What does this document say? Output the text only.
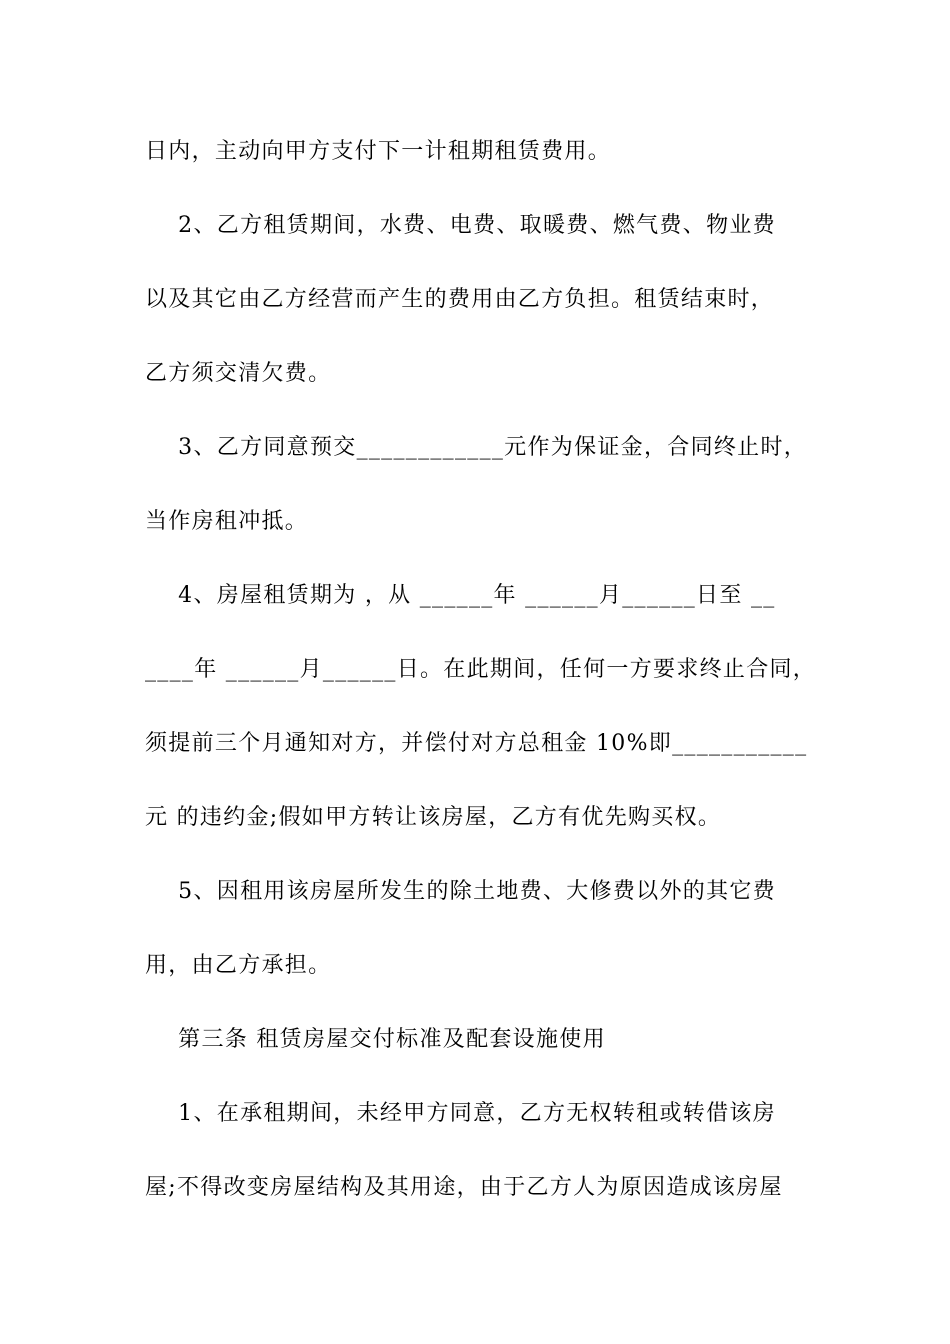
日内，主动向甲方支付下一计租期租赁费用。
2、乙方租赁期间，水费、电费、取暖费、燃气费、物业费
以及其它由乙方经营而产生的费用由乙方负担。租赁结束时，
乙方须交清欠费。
3、乙方同意预交____________元作为保证金，合同终止时，
当作房租冲抵。
4、房屋租赁期为 ，从 ______年 ______月______日至 __
____年 ______月______日。在此期间，任何一方要求终止合同，
须提前三个月通知对方，并偿付对方总租金 10%即___________
元 的违约金;假如甲方转让该房屋，乙方有优先购买权。
5、因租用该房屋所发生的除土地费、大修费以外的其它费
用，由乙方承担。
第三条 租赁房屋交付标准及配套设施使用
1、在承租期间，未经甲方同意，乙方无权转租或转借该房
屋;不得改变房屋结构及其用途，由于乙方人为原因造成该房屋
